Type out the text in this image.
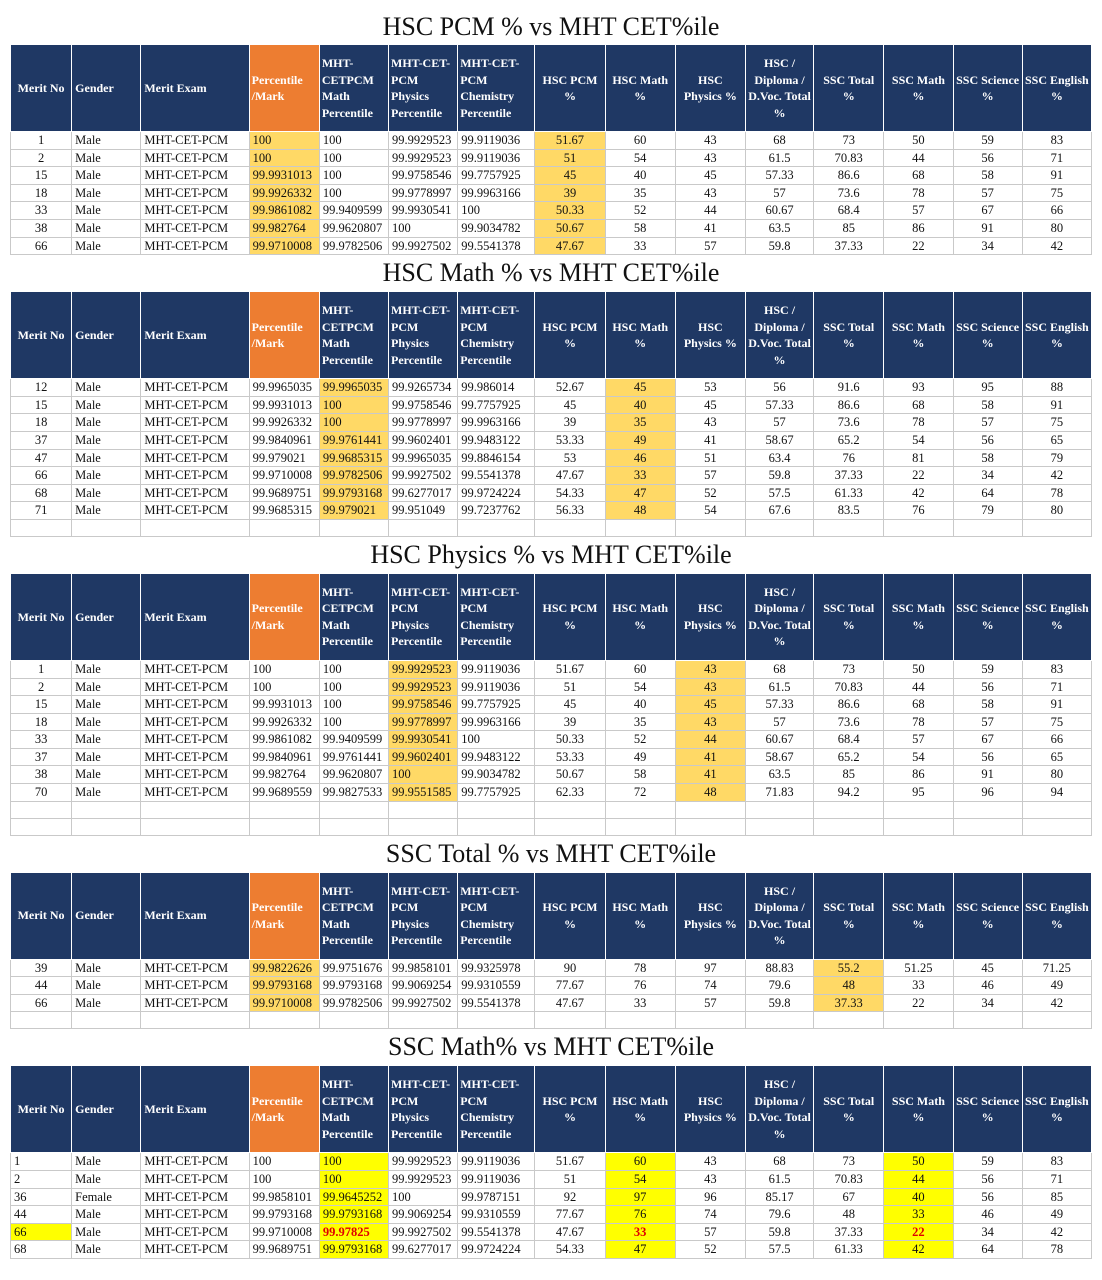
HSC PCM % vs MHT CET%ile														
Merit No	Gender	Merit Exam	Percentile /Mark	MHT-CETPCM Math Percentile	MHT-CET-PCM Physics Percentile	MHT-CET-PCM Chemistry Percentile	HSC PCM %	HSC Math %	HSC Physics %	HSC / Diploma / D.Voc. Total %	SSC Total %	SSC Math %	SSC Science %	SSC English %
1	Male	MHT-CET-PCM	100	100	99.9929523	99.9119036	51.67	60	43	68	73	50	59	83
2	Male	MHT-CET-PCM	100	100	99.9929523	99.9119036	51	54	43	61.5	70.83	44	56	71
15	Male	MHT-CET-PCM	99.9931013	100	99.9758546	99.7757925	45	40	45	57.33	86.6	68	58	91
18	Male	MHT-CET-PCM	99.9926332	100	99.9778997	99.9963166	39	35	43	57	73.6	78	57	75
33	Male	MHT-CET-PCM	99.9861082	99.9409599	99.9930541	100	50.33	52	44	60.67	68.4	57	67	66
38	Male	MHT-CET-PCM	99.982764	99.9620807	100	99.9034782	50.67	58	41	63.5	85	86	91	80
66	Male	MHT-CET-PCM	99.9710008	99.9782506	99.9927502	99.5541378	47.67	33	57	59.8	37.33	22	34	42
HSC Math % vs MHT CET%ile														
Merit No	Gender	Merit Exam	Percentile /Mark	MHT-CETPCM Math Percentile	MHT-CET-PCM Physics Percentile	MHT-CET-PCM Chemistry Percentile	HSC PCM %	HSC Math %	HSC Physics %	HSC / Diploma / D.Voc. Total %	SSC Total %	SSC Math %	SSC Science %	SSC English %
12	Male	MHT-CET-PCM	99.9965035	99.9965035	99.9265734	99.986014	52.67	45	53	56	91.6	93	95	88
15	Male	MHT-CET-PCM	99.9931013	100	99.9758546	99.7757925	45	40	45	57.33	86.6	68	58	91
18	Male	MHT-CET-PCM	99.9926332	100	99.9778997	99.9963166	39	35	43	57	73.6	78	57	75
37	Male	MHT-CET-PCM	99.9840961	99.9761441	99.9602401	99.9483122	53.33	49	41	58.67	65.2	54	56	65
47	Male	MHT-CET-PCM	99.979021	99.9685315	99.9965035	99.8846154	53	46	51	63.4	76	81	58	79
66	Male	MHT-CET-PCM	99.9710008	99.9782506	99.9927502	99.5541378	47.67	33	57	59.8	37.33	22	34	42
68	Male	MHT-CET-PCM	99.9689751	99.9793168	99.6277017	99.9724224	54.33	47	52	57.5	61.33	42	64	78
71	Male	MHT-CET-PCM	99.9685315	99.979021	99.951049	99.7237762	56.33	48	54	67.6	83.5	76	79	80

HSC Physics % vs MHT CET%ile														
Merit No	Gender	Merit Exam	Percentile /Mark	MHT-CETPCM Math Percentile	MHT-CET-PCM Physics Percentile	MHT-CET-PCM Chemistry Percentile	HSC PCM %	HSC Math %	HSC Physics %	HSC / Diploma / D.Voc. Total %	SSC Total %	SSC Math %	SSC Science %	SSC English %
1	Male	MHT-CET-PCM	100	100	99.9929523	99.9119036	51.67	60	43	68	73	50	59	83
2	Male	MHT-CET-PCM	100	100	99.9929523	99.9119036	51	54	43	61.5	70.83	44	56	71
15	Male	MHT-CET-PCM	99.9931013	100	99.9758546	99.7757925	45	40	45	57.33	86.6	68	58	91
18	Male	MHT-CET-PCM	99.9926332	100	99.9778997	99.9963166	39	35	43	57	73.6	78	57	75
33	Male	MHT-CET-PCM	99.9861082	99.9409599	99.9930541	100	50.33	52	44	60.67	68.4	57	67	66
37	Male	MHT-CET-PCM	99.9840961	99.9761441	99.9602401	99.9483122	53.33	49	41	58.67	65.2	54	56	65
38	Male	MHT-CET-PCM	99.982764	99.9620807	100	99.9034782	50.67	58	41	63.5	85	86	91	80
70	Male	MHT-CET-PCM	99.9689559	99.9827533	99.9551585	99.7757925	62.33	72	48	71.83	94.2	95	96	94

SSC Total % vs MHT CET%ile														
Merit No	Gender	Merit Exam	Percentile /Mark	MHT-CETPCM Math Percentile	MHT-CET-PCM Physics Percentile	MHT-CET-PCM Chemistry Percentile	HSC PCM %	HSC Math %	HSC Physics %	HSC / Diploma / D.Voc. Total %	SSC Total %	SSC Math %	SSC Science %	SSC English %
39	Male	MHT-CET-PCM	99.9822626	99.9751676	99.9858101	99.9325978	90	78	97	88.83	55.2	51.25	45	71.25
44	Male	MHT-CET-PCM	99.9793168	99.9793168	99.9069254	99.9310559	77.67	76	74	79.6	48	33	46	49
66	Male	MHT-CET-PCM	99.9710008	99.9782506	99.9927502	99.5541378	47.67	33	57	59.8	37.33	22	34	42

SSC Math% vs MHT CET%ile														
Merit No	Gender	Merit Exam	Percentile /Mark	MHT-CETPCM Math Percentile	MHT-CET-PCM Physics Percentile	MHT-CET-PCM Chemistry Percentile	HSC PCM %	HSC Math %	HSC Physics %	HSC / Diploma / D.Voc. Total %	SSC Total %	SSC Math %	SSC Science %	SSC English %
1	Male	MHT-CET-PCM	100	100	99.9929523	99.9119036	51.67	60	43	68	73	50	59	83
2	Male	MHT-CET-PCM	100	100	99.9929523	99.9119036	51	54	43	61.5	70.83	44	56	71
36	Female	MHT-CET-PCM	99.9858101	99.9645252	100	99.9787151	92	97	96	85.17	67	40	56	85
44	Male	MHT-CET-PCM	99.9793168	99.9793168	99.9069254	99.9310559	77.67	76	74	79.6	48	33	46	49
66	Male	MHT-CET-PCM	99.9710008	99.97825	99.9927502	99.5541378	47.67	33	57	59.8	37.33	22	34	42
68	Male	MHT-CET-PCM	99.9689751	99.9793168	99.6277017	99.9724224	54.33	47	52	57.5	61.33	42	64	78
